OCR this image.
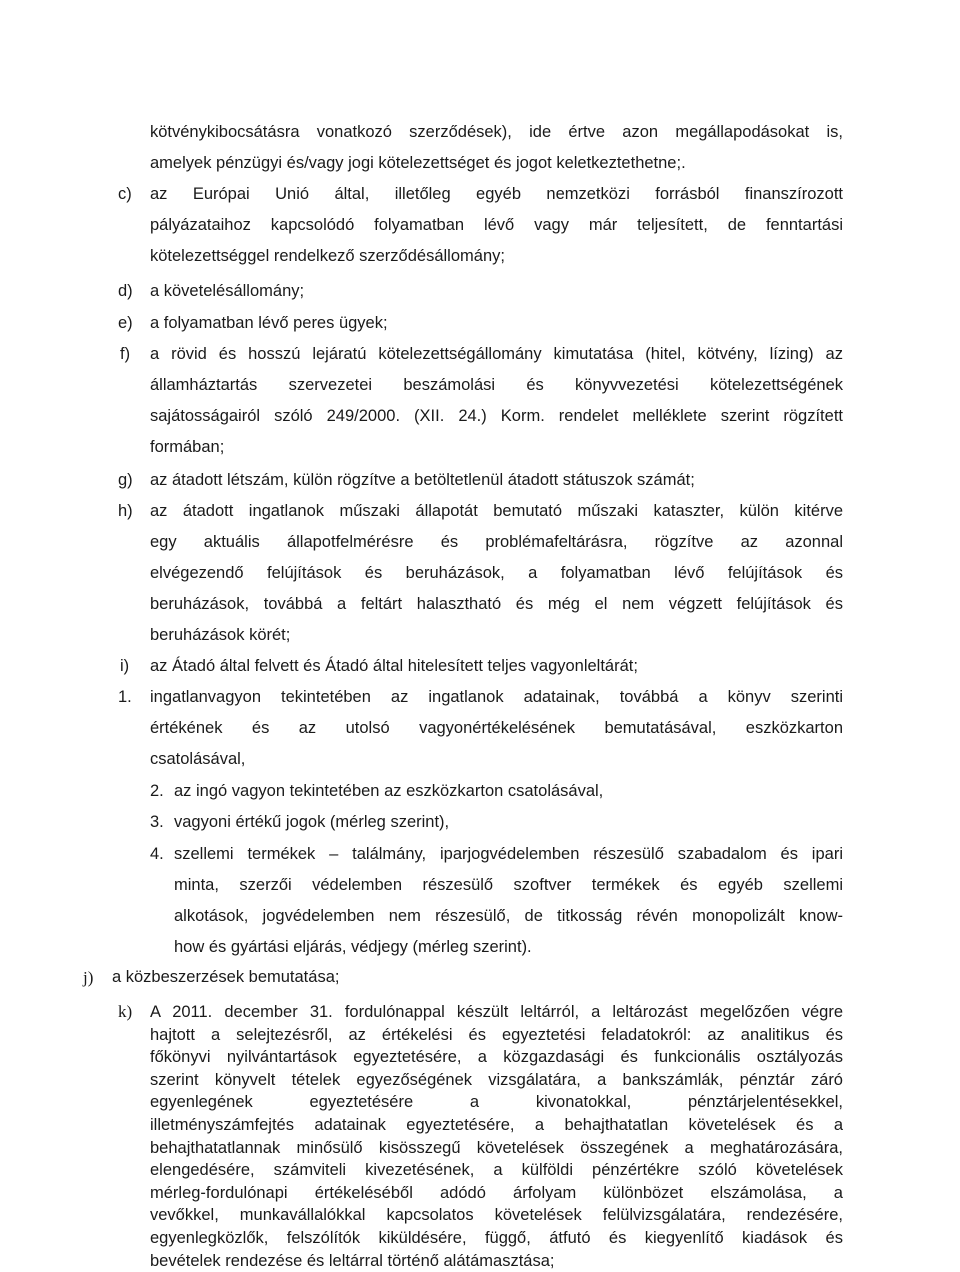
kötvénykibocsátásra vonatkozó szerződések), ide értve azon megállapodásokat is,
amelyek pénzügyi és/vagy jogi kötelezettséget és jogot keletkeztethetne;.
c) az Európai Unió által, illetőleg egyéb nemzetközi forrásból finanszírozott
pályázataihoz kapcsolódó folyamatban lévő vagy már teljesített, de fenntartási
kötelezettséggel rendelkező szerződésállomány;
d) a követelésállomány;
e) a folyamatban lévő peres ügyek;
f) a rövid és hosszú lejáratú kötelezettségállomány kimutatása (hitel, kötvény, lízing) az
államháztartás szervezetei beszámolási és könyvvezetési kötelezettségének
sajátosságairól szóló 249/2000. (XII. 24.) Korm. rendelet melléklete szerint rögzített
formában;
g) az átadott létszám, külön rögzítve a betöltetlenül átadott státuszok számát;
h) az átadott ingatlanok műszaki állapotát bemutató műszaki kataszter, külön kitérve
egy aktuális állapotfelmérésre és problémafeltárásra, rögzítve az azonnal
elvégezendő felújítások és beruházások, a folyamatban lévő felújítások és
beruházások, továbbá a feltárt halasztható és még el nem végzett felújítások és
beruházások körét;
i) az Átadó által felvett és Átadó által hitelesített teljes vagyonleltárát;
1. ingatlanvagyon tekintetében az ingatlanok adatainak, továbbá a könyv szerinti
értékének és az utolsó vagyonértékelésének bemutatásával, eszközkarton
csatolásával,
2. az ingó vagyon tekintetében az eszközkarton csatolásával,
3. vagyoni értékű jogok (mérleg szerint),
4. szellemi termékek – találmány, iparjogvédelemben részesülő szabadalom és ipari
minta, szerzői védelemben részesülő szoftver termékek és egyéb szellemi
alkotások, jogvédelemben nem részesülő, de titkosság révén monopolizált know-
how és gyártási eljárás, védjegy (mérleg szerint).
j) a közbeszerzések bemutatása;
k) A 2011. december 31. fordulónappal készült leltárról, a leltározást megelőzően végre
hajtott a selejtezésről, az értékelési és egyeztetési feladatokról: az analitikus és
főkönyvi nyilvántartások egyeztetésére, a közgazdasági és funkcionális osztályozás
szerint könyvelt tételek egyezőségének vizsgálatára, a bankszámlák, pénztár záró
egyenlegének egyeztetésére a kivonatokkal, pénztárjelentésekkel,
illetményszámfejtés adatainak egyeztetésére, a behajthatatlan követelések és a
behajthatatlannak minősülő kisösszegű követelések összegének a meghatározására,
elengedésére, számviteli kivezetésének, a külföldi pénzértékre szóló követelések
mérleg-fordulónapi értékeléséből adódó árfolyam különbözet elszámolása, a
vevőkkel, munkavállalókkal kapcsolatos követelések felülvizsgálatára, rendezésére,
egyenlegközlők, felszólítók kiküldésére, függő, átfutó és kiegyenlítő kiadások és
bevételek rendezése és leltárral történő alátámasztása;
